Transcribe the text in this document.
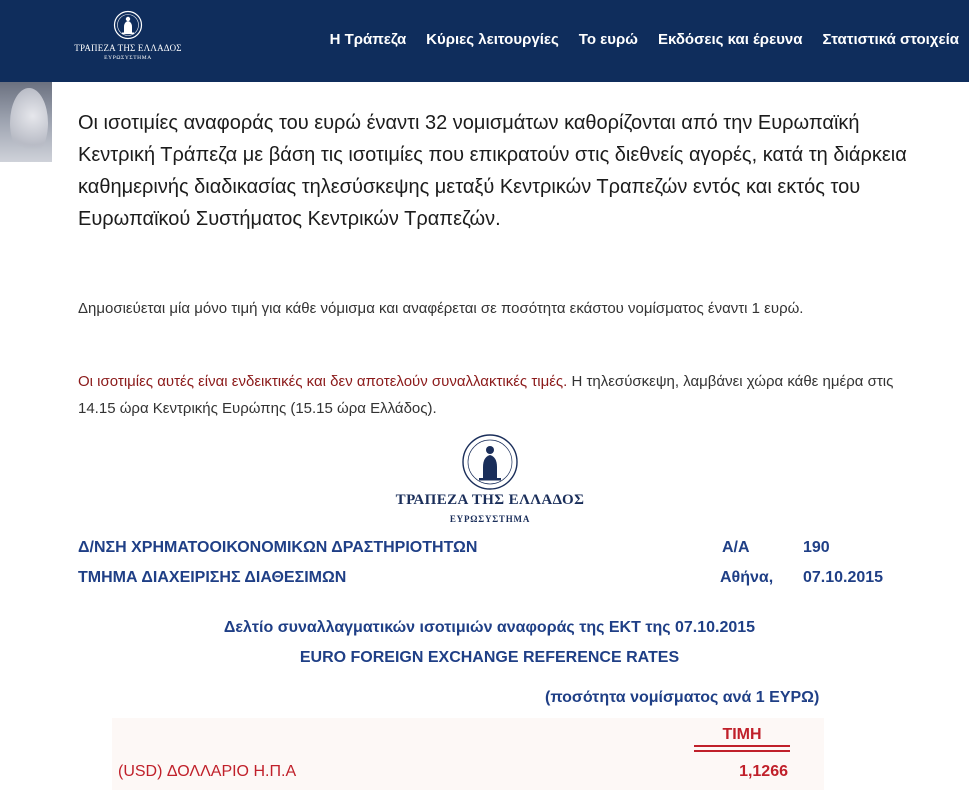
ΤΡΑΠΕΖΑ ΤΗΣ ΕΛΛΑΔΟΣ
ΕΥΡΩΣΥΣΤΗΜΑ
Η Τράπεζα Κύριες λειτουργίες Το ευρώ Εκδόσεις και έρευνα Στατιστικά στοιχεία

Οι ισοτιμίες αναφοράς του ευρώ έναντι 32 νομισμάτων καθορίζονται από την Ευρωπαϊκή Κεντρική Τράπεζα με βάση τις ισοτιμίες που επικρατούν στις διεθνείς αγορές, κατά τη διάρκεια καθημερινής διαδικασίας τηλεσύσκεψης μεταξύ Κεντρικών Τραπεζών εντός και εκτός του Ευρωπαϊκού Συστήματος Κεντρικών Τραπεζών.

Δημοσιεύεται μία μόνο τιμή για κάθε νόμισμα και αναφέρεται σε ποσότητα εκάστου νομίσματος έναντι 1 ευρώ.

Οι ισοτιμίες αυτές είναι ενδεικτικές και δεν αποτελούν συναλλακτικές τιμές. Η τηλεσύσκεψη, λαμβάνει χώρα κάθε ημέρα στις 14.15 ώρα Κεντρικής Ευρώπης (15.15 ώρα Ελλάδος).

ΤΡΑΠΕΖΑ ΤΗΣ ΕΛΛΑΔΟΣ
ΕΥΡΩΣΥΣΤΗΜΑ
Δ/ΝΣΗ ΧΡΗΜΑΤΟΟΙΚΟΝΟΜΙΚΩΝ ΔΡΑΣΤΗΡΙΟΤΗΤΩΝ
ΤΜΗΜΑ ΔΙΑΧΕΙΡΙΣΗΣ ΔΙΑΘΕΣΙΜΩΝ
Α/Α	190
Αθήνα, 07.10.2015
Δελτίο συναλλαγματικών ισοτιμιών αναφοράς της ΕΚΤ της 07.10.2015
EURO FOREIGN EXCHANGE REFERENCE RATES
(ποσότητα νομίσματος ανά 1 ΕΥΡΩ)
ΤΙΜΗ
(USD) ΔΟΛΛΑΡΙΟ Η.Π.Α	1,1266
